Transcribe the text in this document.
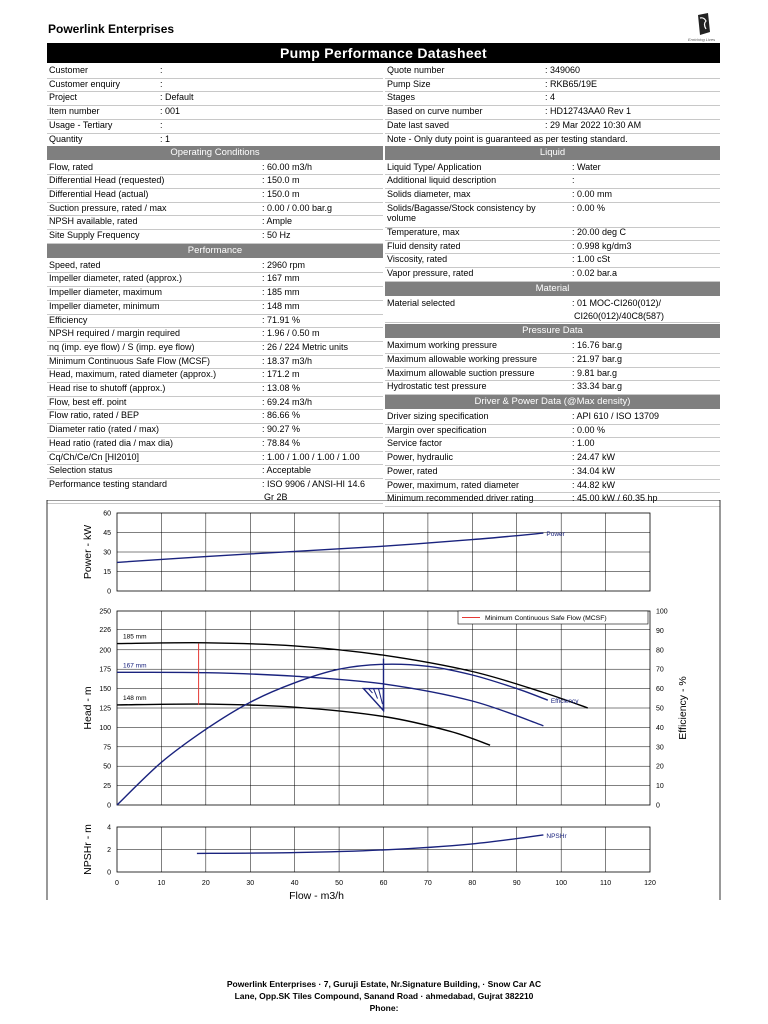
Powerlink Enterprises
Enriching Lives
Pump Performance Datasheet
Customer	:
Customer enquiry	:
Project	: Default
Item number	: 001
Usage - Tertiary	:
Quantity	: 1
Quote number	: 349060
Pump Size	: RKB65/19E
Stages	: 4
Based on curve number	: HD12743AA0 Rev 1
Date last saved	: 29 Mar 2022 10:30 AM
Note - Only duty point is guaranteed as per testing standard.
Operating Conditions
Flow, rated	: 60.00 m3/h
Differential Head (requested)	: 150.0 m
Differential Head (actual)	: 150.0 m
Suction pressure, rated / max	: 0.00 / 0.00 bar.g
NPSH available, rated	: Ample
Site Supply Frequency	: 50 Hz
Performance
Speed, rated	: 2960 rpm
Impeller diameter, rated (approx.)	: 167 mm
Impeller diameter, maximum	: 185 mm
Impeller diameter, minimum	: 148 mm
Efficiency	: 71.91 %
NPSH required / margin required	: 1.96 / 0.50 m
nq (imp. eye flow) / S (imp. eye flow)	: 26 / 224 Metric units
Minimum Continuous Safe Flow (MCSF)	: 18.37 m3/h
Head, maximum, rated diameter (approx.)	: 171.2 m
Head rise to shutoff (approx.)	: 13.08 %
Flow, best eff. point	: 69.24 m3/h
Flow ratio, rated / BEP	: 86.66 %
Diameter ratio (rated / max)	: 90.27 %
Head ratio (rated dia / max dia)	: 78.84 %
Cq/Ch/Ce/Cn [HI2010]	: 1.00 / 1.00 / 1.00 / 1.00
Selection status	: Acceptable
Performance testing standard	: ISO 9906 / ANSI-HI 14.6
Gr 2B
Liquid
Liquid Type/ Application	: Water
Additional liquid description	:
Solids diameter, max	: 0.00 mm
Solids/Bagasse/Stock consistency by	: 0.00 %
volume
Temperature, max	: 20.00 deg C
Fluid density rated	: 0.998 kg/dm3
Viscosity, rated	: 1.00 cSt
Vapor pressure, rated	: 0.02 bar.a
Material
Material selected	: 01 MOC-CI260(012)/
CI260(012)/40C8(587)
Pressure Data
Maximum working pressure	: 16.76 bar.g
Maximum allowable working pressure	: 21.97 bar.g
Maximum allowable suction pressure	: 9.81 bar.g
Hydrostatic test pressure	: 33.34 bar.g
Driver & Power Data (@Max density)
Driver sizing specification	: API 610 / ISO 13709
Margin over specification	: 0.00 %
Service factor	: 1.00
Power, hydraulic	: 24.47 kW
Power, rated	: 34.04 kW
Power, maximum, rated diameter	: 44.82 kW
Minimum recommended driver rating	: 45.00 kW / 60.35 hp
0
15
30
45
60
Power - kW	Power
0
25
50
75
100
125
150
175
200
226
250
0
10
20
30
40
50
60
70
80
90
100
Efficiency - %
Head - m
185 mm
167 mm
148 mm	Efficiency
Minimum Continuous Safe Flow (MCSF)
0
2
4
NPSHr - m
0	10	20	30	40	50	60	70	80	90	100	110	120
Flow - m3/h
NPSHr
Powerlink Enterprises · 7, Guruji Estate, Nr.Signature Building, · Snow Car AC
Lane, Opp.SK Tiles Compound, Sanand Road · ahmedabad, Gujrat 382210
Phone:
